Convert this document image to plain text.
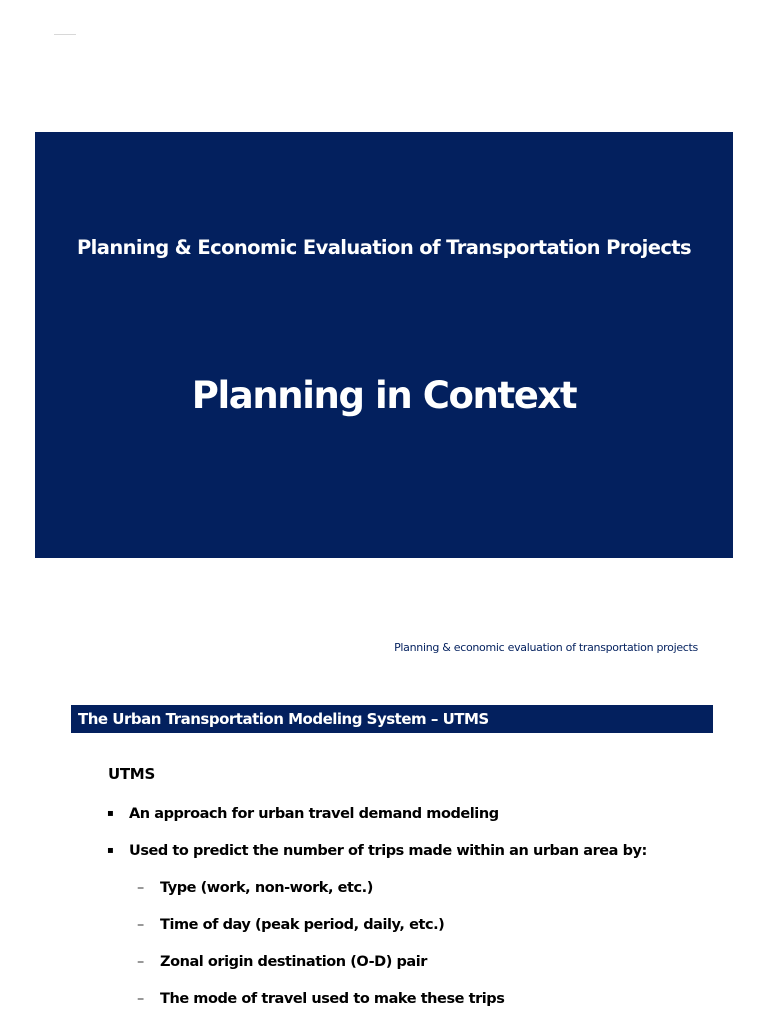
Planning & Economic Evaluation of Transportation Projects
Planning in Context
Planning & economic evaluation of transportation projects
The Urban Transportation Modeling System – UTMS
UTMS
▪ An approach for urban travel demand modeling
▪ Used to predict the number of trips made within an urban area by:
– Type (work, non-work, etc.)
– Time of day (peak period, daily, etc.)
– Zonal origin destination (O-D) pair
– The mode of travel used to make these trips
